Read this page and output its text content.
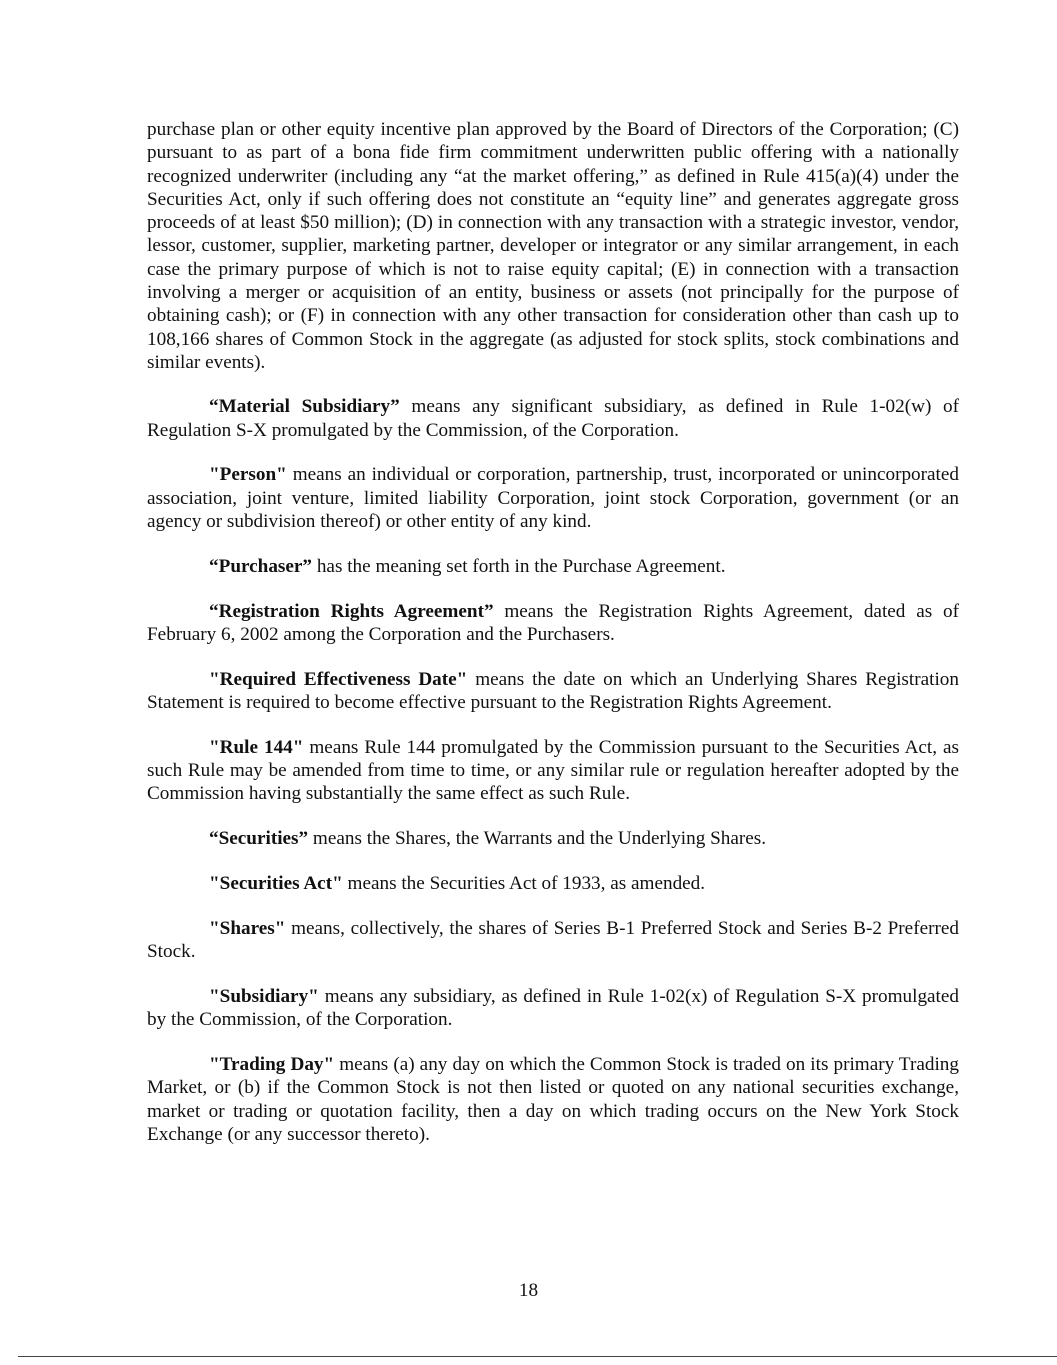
purchase plan or other equity incentive plan approved by the Board of Directors of the Corporation; (C) pursuant to as part of a bona fide firm commitment underwritten public offering with a nationally recognized underwriter (including any “at the market offering,” as defined in Rule 415(a)(4) under the Securities Act, only if such offering does not constitute an “equity line” and generates aggregate gross proceeds of at least $50 million); (D) in connection with any transaction with a strategic investor, vendor, lessor, customer, supplier, marketing partner, developer or integrator or any similar arrangement, in each case the primary purpose of which is not to raise equity capital; (E) in connection with a transaction involving a merger or acquisition of an entity, business or assets (not principally for the purpose of obtaining cash); or (F) in connection with any other transaction for consideration other than cash up to 108,166 shares of Common Stock in the aggregate (as adjusted for stock splits, stock combinations and similar events).

“Material Subsidiary” means any significant subsidiary, as defined in Rule 1-02(w) of Regulation S-X promulgated by the Commission, of the Corporation.

"Person" means an individual or corporation, partnership, trust, incorporated or unincorporated association, joint venture, limited liability Corporation, joint stock Corporation, government (or an agency or subdivision thereof) or other entity of any kind.

“Purchaser” has the meaning set forth in the Purchase Agreement.

“Registration Rights Agreement” means the Registration Rights Agreement, dated as of February 6, 2002 among the Corporation and the Purchasers.

"Required Effectiveness Date" means the date on which an Underlying Shares Registration Statement is required to become effective pursuant to the Registration Rights Agreement.

"Rule 144" means Rule 144 promulgated by the Commission pursuant to the Securities Act, as such Rule may be amended from time to time, or any similar rule or regulation hereafter adopted by the Commission having substantially the same effect as such Rule.

“Securities” means the Shares, the Warrants and the Underlying Shares.

"Securities Act" means the Securities Act of 1933, as amended.

"Shares" means, collectively, the shares of Series B-1 Preferred Stock and Series B-2 Preferred Stock.

"Subsidiary" means any subsidiary, as defined in Rule 1-02(x) of Regulation S-X promulgated by the Commission, of the Corporation.

"Trading Day" means (a) any day on which the Common Stock is traded on its primary Trading Market, or (b) if the Common Stock is not then listed or quoted on any national securities exchange, market or trading or quotation facility, then a day on which trading occurs on the New York Stock Exchange (or any successor thereto).

18
